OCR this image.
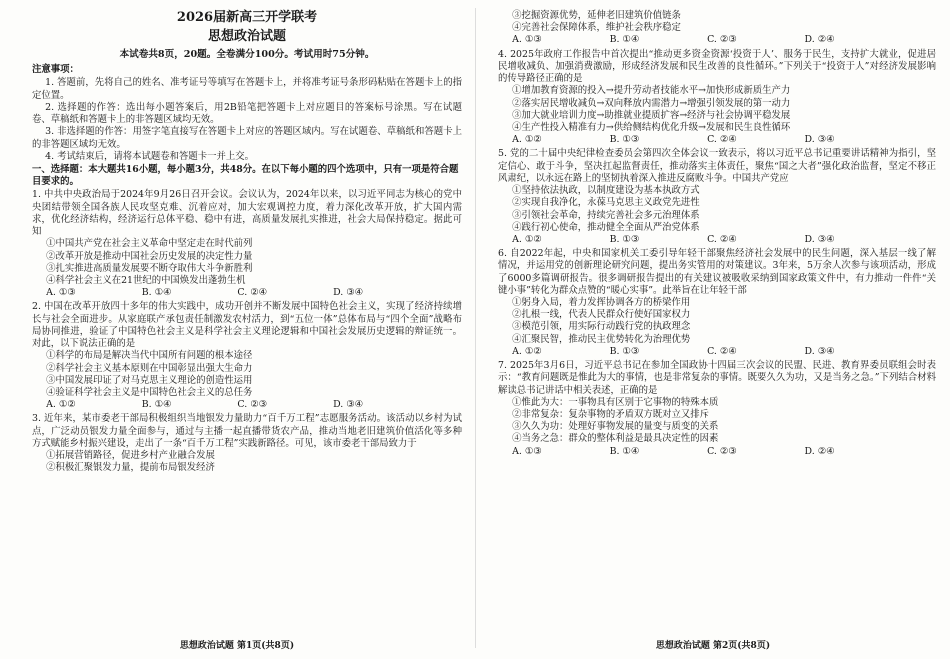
2026届新高三开学联考
思想政治试题
本试卷共8页，20题。全卷满分100分。考试用时75分钟。
注意事项：
1. 答题前，先将自己的姓名、准考证号等填写在答题卡上，并将准考证号条形码粘贴在答题卡上的指定位置。
2. 选择题的作答：选出每小题答案后，用2B铅笔把答题卡上对应题目的答案标号涂黑。写在试题卷、草稿纸和答题卡上的非答题区域均无效。
3. 非选择题的作答：用签字笔直接写在答题卡上对应的答题区域内。写在试题卷、草稿纸和答题卡上的非答题区域均无效。
4. 考试结束后，请将本试题卷和答题卡一并上交。
一、选择题：本大题共16小题，每小题3分，共48分。在以下每小题的四个选项中，只有一项是符合题目要求的。
1. 中共中央政治局于2024年9月26日召开会议。会议认为，2024年以来，以习近平同志为核心的党中央团结带领全国各族人民攻坚克难、沉着应对，加大宏观调控力度，着力深化改革开放，扩大国内需求，优化经济结构，经济运行总体平稳、稳中有进，高质量发展扎实推进，社会大局保持稳定。据此可知
①中国共产党在社会主义革命中坚定走在时代前列
②改革开放是推动中国社会历史发展的决定性力量
③扎实推进高质量发展要不断夺取伟大斗争新胜利
④科学社会主义在21世纪的中国焕发出蓬勃生机
A. ①③	B. ①④	C. ②④	D. ③④
2. 中国在改革开放四十多年的伟大实践中，成功开创并不断发展中国特色社会主义，实现了经济持续增长与社会全面进步。从家庭联产承包责任制激发农村活力，到“五位一体”总体布局与“四个全面”战略布局协同推进，验证了中国特色社会主义是科学社会主义理论逻辑和中国社会发展历史逻辑的辩证统一。对此，以下说法正确的是
①科学的布局是解决当代中国所有问题的根本途径
②科学社会主义基本原则在中国彰显出强大生命力
③中国发展印证了对马克思主义理论的创造性运用
④验证科学社会主义是中国特色社会主义的总任务
A. ①②	B. ①④	C. ②③	D. ③④
3. 近年来，某市委老干部局积极组织当地银发力量助力“百千万工程”志愿服务活动。该活动以乡村为试点，广泛动员银发力量全面参与，通过与主播一起直播带货农产品，推动当地老旧建筑价值活化等多种方式赋能乡村振兴建设，走出了一条“百千万工程”实践新路径。可见，该市委老干部局致力于
①拓展营销路径，促进乡村产业融合发展
②积极汇聚银发力量，提前布局银发经济
思想政治试题 第1页(共8页)
③挖掘资源优势，延伸老旧建筑价值链条
④完善社会保障体系，维护社会秩序稳定
A. ①③	B. ①④	C. ②③	D. ②④
4. 2025年政府工作报告中首次提出“推动更多资金资源‘投资于人’、服务于民生，支持扩大就业，促进居民增收减负、加强消费激励，形成经济发展和民生改善的良性循环。”下列关于“投资于人”对经济发展影响的传导路径正确的是
①增加教育资源的投入→提升劳动者技能水平→加快形成新质生产力
②落实居民增收减负→双向释放内需潜力→增强引领发展的第一动力
③加大就业培训力度→助推就业提质扩容→经济与社会协调平稳发展
④生产性投入精准有力→供给侧结构优化升级→发展和民生良性循环
A. ①②	B. ①③	C. ②④	D. ③④
5. 党的二十届中央纪律检查委员会第四次全体会议一致表示，将以习近平总书记重要讲话精神为指引，坚定信心、敢于斗争，坚决扛起监督责任，推动落实主体责任，聚焦“国之大者”强化政治监督，坚定不移正风肃纪，以永远在路上的坚韧执着深入推进反腐败斗争。中国共产党应
①坚持依法执政，以制度建设为基本执政方式
②实现自我净化，永葆马克思主义政党先进性
③引领社会革命，持续完善社会多元治理体系
④践行初心使命，推动健全全面从严治党体系
A. ①②	B. ①③	C. ②④	D. ③④
6. 自2022年起，中央和国家机关工委引导年轻干部聚焦经济社会发展中的民生问题，深入基层一线了解情况，并运用党的创新理论研究问题，提出务实管用的对策建议。3年来，5万余人次参与该项活动，形成了6000多篇调研报告。很多调研报告提出的有关建议被吸收采纳到国家政策文件中，有力推动一件件“关键小事”转化为群众点赞的“暖心实事”。此举旨在让年轻干部
①躬身入局，着力发挥协调各方的桥梁作用
②扎根一线，代表人民群众行使好国家权力
③模范引领，用实际行动践行党的执政理念
④汇聚民智，推动民主优势转化为治理优势
A. ①②	B. ①③	C. ②④	D. ③④
7. 2025年3月6日，习近平总书记在参加全国政协十四届三次会议的民盟、民进、教育界委员联组会时表示：“教育问题既是惟此为大的事情，也是非常复杂的事情。既要久久为功，又是当务之急。”下列结合材料解读总书记讲话中相关表述，正确的是
①惟此为大：一事物具有区别于它事物的特殊本质
②非常复杂：复杂事物的矛盾双方既对立又排斥
③久久为功：处理好事物发展的量变与质变的关系
④当务之急：群众的整体利益是最具决定性的因素
A. ①③	B. ①④	C. ②③	D. ②④
思想政治试题 第2页(共8页)
